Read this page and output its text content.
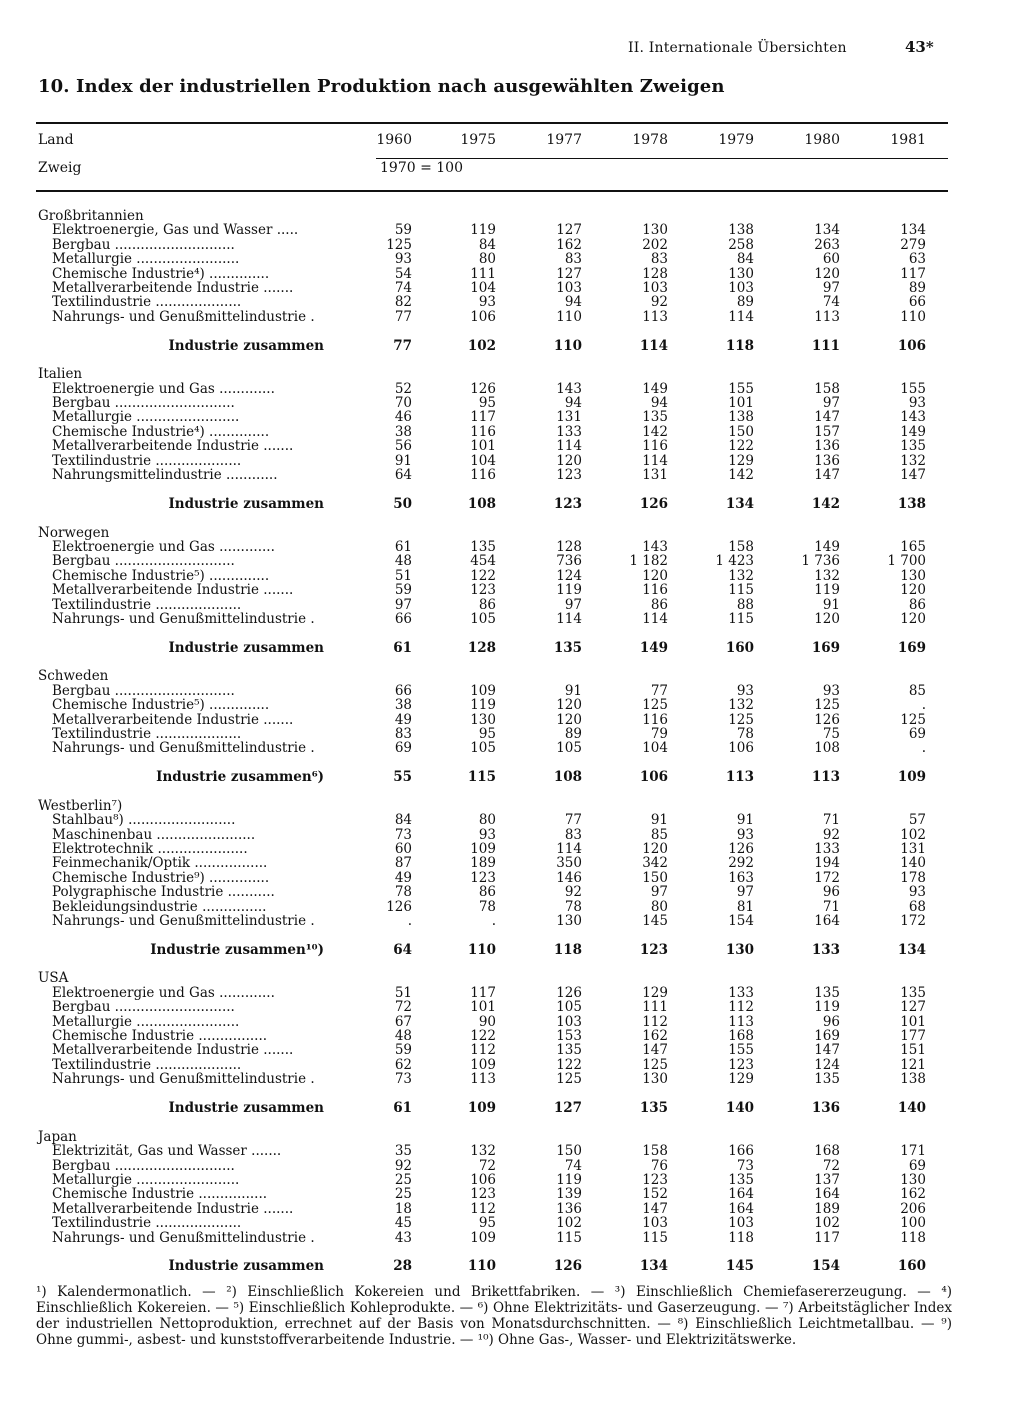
II. Internationale Übersichten	43*
10. Index der industriellen Produktion nach ausgewählten Zweigen
Land
Zweig
1960	1975	1977	1978	1979	1980	1981
1970 = 100
Großbritannien								
Elektroenergie, Gas und Wasser .....	59	119	127	130	138	134	134	
Bergbau ............................	125	84	162	202	258	263	279	
Metallurgie ........................	93	80	83	83	84	60	63	
Chemische Industrie⁴) ..............	54	111	127	128	130	120	117	
Metallverarbeitende Industrie .......	74	104	103	103	103	97	89	
Textilindustrie ....................	82	93	94	92	89	74	66	
Nahrungs- und Genußmittelindustrie .	77	106	110	113	114	113	110	

Industrie zusammen	77	102	110	114	118	111	106	

Italien								
Elektroenergie und Gas .............	52	126	143	149	155	158	155	
Bergbau ............................	70	95	94	94	101	97	93	
Metallurgie ........................	46	117	131	135	138	147	143	
Chemische Industrie⁴) ..............	38	116	133	142	150	157	149	
Metallverarbeitende Industrie .......	56	101	114	116	122	136	135	
Textilindustrie ....................	91	104	120	114	129	136	132	
Nahrungsmittelindustrie ............	64	116	123	131	142	147	147	

Industrie zusammen	50	108	123	126	134	142	138	

Norwegen								
Elektroenergie und Gas .............	61	135	128	143	158	149	165	
Bergbau ............................	48	454	736	1 182	1 423	1 736	1 700	
Chemische Industrie⁵) ..............	51	122	124	120	132	132	130	
Metallverarbeitende Industrie .......	59	123	119	116	115	119	120	
Textilindustrie ....................	97	86	97	86	88	91	86	
Nahrungs- und Genußmittelindustrie .	66	105	114	114	115	120	120	

Industrie zusammen	61	128	135	149	160	169	169	

Schweden								
Bergbau ............................	66	109	91	77	93	93	85	
Chemische Industrie⁵) ..............	38	119	120	125	132	125	.	
Metallverarbeitende Industrie .......	49	130	120	116	125	126	125	
Textilindustrie ....................	83	95	89	79	78	75	69	
Nahrungs- und Genußmittelindustrie .	69	105	105	104	106	108	.	

Industrie zusammen⁶)	55	115	108	106	113	113	109	

Westberlin⁷)								
Stahlbau⁸) .........................	84	80	77	91	91	71	57	
Maschinenbau .......................	73	93	83	85	93	92	102	
Elektrotechnik .....................	60	109	114	120	126	133	131	
Feinmechanik/Optik .................	87	189	350	342	292	194	140	
Chemische Industrie⁹) ..............	49	123	146	150	163	172	178	
Polygraphische Industrie ...........	78	86	92	97	97	96	93	
Bekleidungsindustrie ...............	126	78	78	80	81	71	68	
Nahrungs- und Genußmittelindustrie .	.	.	130	145	154	164	172	

Industrie zusammen¹⁰)	64	110	118	123	130	133	134	

USA								
Elektroenergie und Gas .............	51	117	126	129	133	135	135	
Bergbau ............................	72	101	105	111	112	119	127	
Metallurgie ........................	67	90	103	112	113	96	101	
Chemische Industrie ................	48	122	153	162	168	169	177	
Metallverarbeitende Industrie .......	59	112	135	147	155	147	151	
Textilindustrie ....................	62	109	122	125	123	124	121	
Nahrungs- und Genußmittelindustrie .	73	113	125	130	129	135	138	

Industrie zusammen	61	109	127	135	140	136	140	

Japan								
Elektrizität, Gas und Wasser .......	35	132	150	158	166	168	171	
Bergbau ............................	92	72	74	76	73	72	69	
Metallurgie ........................	25	106	119	123	135	137	130	
Chemische Industrie ................	25	123	139	152	164	164	162	
Metallverarbeitende Industrie .......	18	112	136	147	164	189	206	
Textilindustrie ....................	45	95	102	103	103	102	100	
Nahrungs- und Genußmittelindustrie .	43	109	115	115	118	117	118	

Industrie zusammen	28	110	126	134	145	154	160	

¹) Kalendermonatlich. — ²) Einschließlich Kokereien und Brikettfabriken. — ³) Einschließlich Chemiefasererzeugung. — ⁴) Einschließlich Kokereien. — ⁵) Einschließlich Kohleprodukte. — ⁶) Ohne Elektrizitäts- und Gaserzeugung. — ⁷) Arbeitstäglicher Index der industriellen Nettoproduktion, errechnet auf der Basis von Monatsdurchschnitten. — ⁸) Einschließlich Leichtmetallbau. — ⁹) Ohne gummi-, asbest- und kunststoffverarbeitende Industrie. — ¹⁰) Ohne Gas-, Wasser- und Elektrizitätswerke.
